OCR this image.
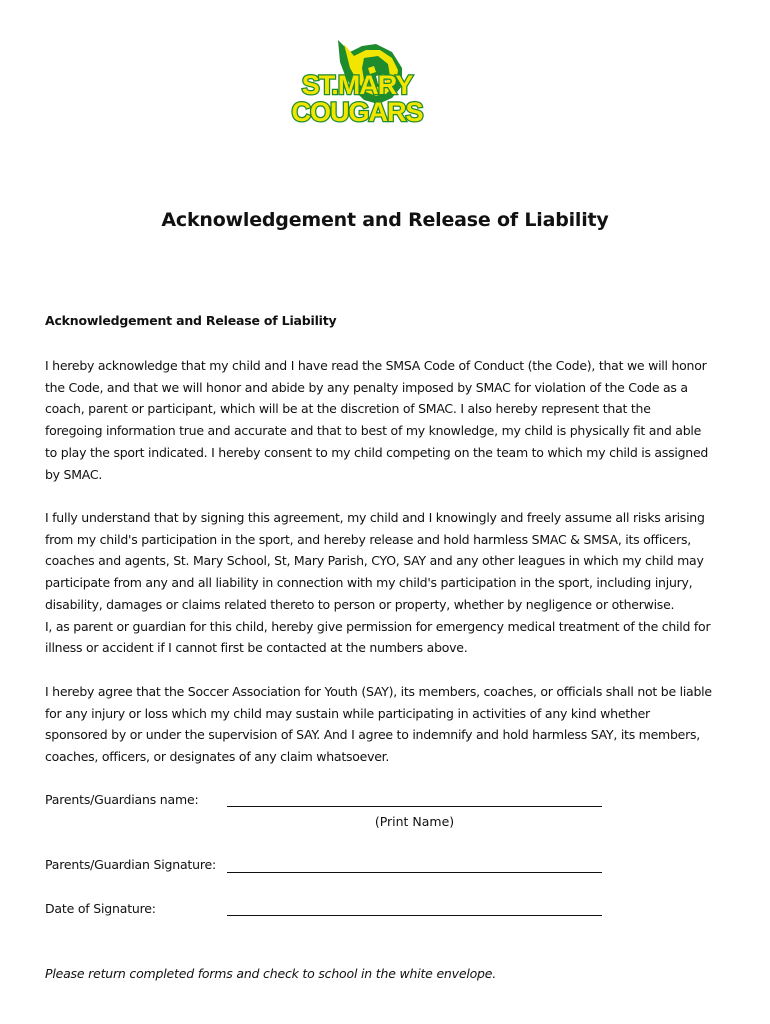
ST.MARY
COUGARS
Acknowledgement and Release of Liability
Acknowledgement and Release of Liability
I hereby acknowledge that my child and I have read the SMSA Code of Conduct (the Code), that we will honor
the Code, and that we will honor and abide by any penalty imposed by SMAC for violation of the Code as a
coach, parent or participant, which will be at the discretion of SMAC. I also hereby represent that the
foregoing information true and accurate and that to best of my knowledge, my child is physically fit and able
to play the sport indicated. I hereby consent to my child competing on the team to which my child is assigned
by SMAC.
I fully understand that by signing this agreement, my child and I knowingly and freely assume all risks arising
from my child's participation in the sport, and hereby release and hold harmless SMAC & SMSA, its officers,
coaches and agents, St. Mary School, St, Mary Parish, CYO, SAY and any other leagues in which my child may
participate from any and all liability in connection with my child's participation in the sport, including injury,
disability, damages or claims related thereto to person or property, whether by negligence or otherwise.
I, as parent or guardian for this child, hereby give permission for emergency medical treatment of the child for
illness or accident if I cannot first be contacted at the numbers above.
I hereby agree that the Soccer Association for Youth (SAY), its members, coaches, or officials shall not be liable
for any injury or loss which my child may sustain while participating in activities of any kind whether
sponsored by or under the supervision of SAY. And I agree to indemnify and hold harmless SAY, its members,
coaches, officers, or designates of any claim whatsoever.
Parents/Guardians name:
(Print Name)
Parents/Guardian Signature:
Date of Signature:
Please return completed forms and check to school in the white envelope.
